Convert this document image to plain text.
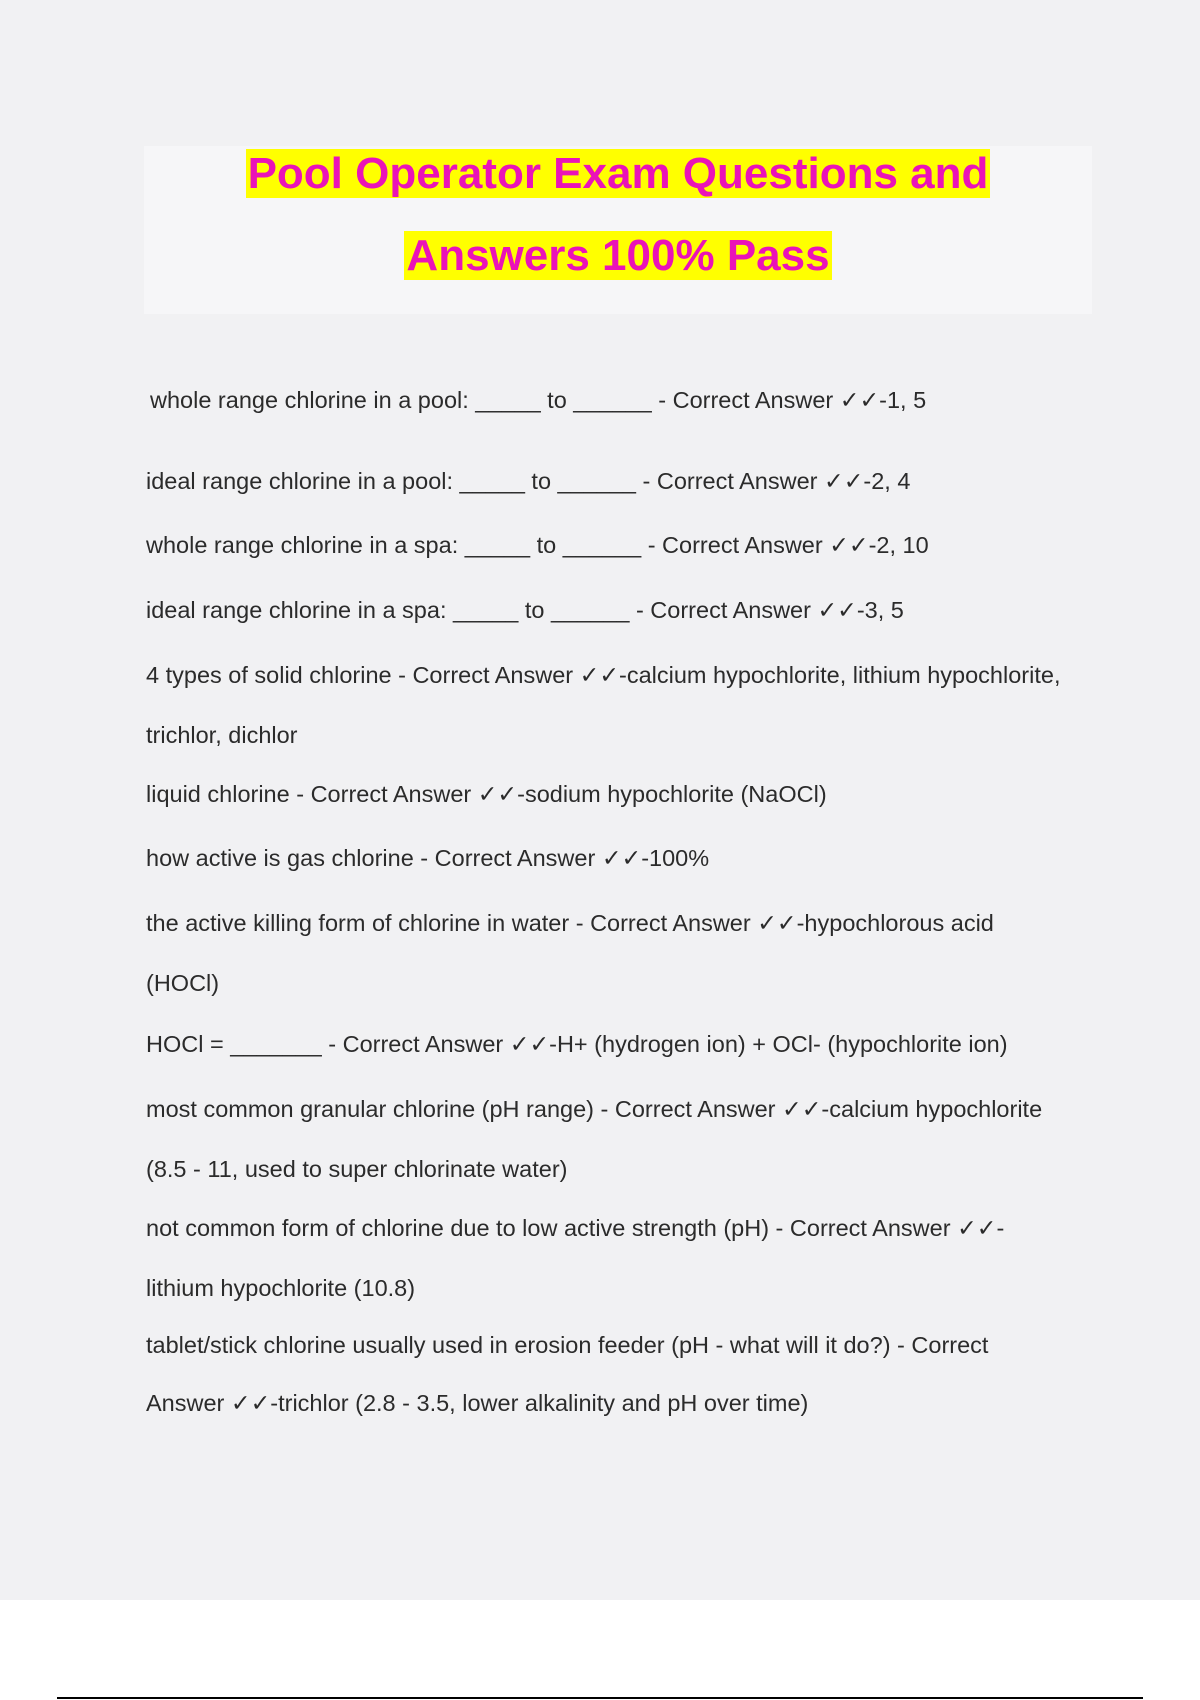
Pool Operator Exam Questions and
Answers 100% Pass
whole range chlorine in a pool: _____ to ______ - Correct Answer ✓✓-1, 5
ideal range chlorine in a pool: _____ to ______ - Correct Answer ✓✓-2, 4
whole range chlorine in a spa: _____ to ______ - Correct Answer ✓✓-2, 10
ideal range chlorine in a spa: _____ to ______ - Correct Answer ✓✓-3, 5
4 types of solid chlorine - Correct Answer ✓✓-calcium hypochlorite, lithium hypochlorite,
trichlor, dichlor
liquid chlorine - Correct Answer ✓✓-sodium hypochlorite (NaOCl)
how active is gas chlorine - Correct Answer ✓✓-100%
the active killing form of chlorine in water - Correct Answer ✓✓-hypochlorous acid
(HOCl)
HOCl = _______ - Correct Answer ✓✓-H+ (hydrogen ion) + OCl- (hypochlorite ion)
most common granular chlorine (pH range) - Correct Answer ✓✓-calcium hypochlorite
(8.5 - 11, used to super chlorinate water)
not common form of chlorine due to low active strength (pH) - Correct Answer ✓✓-
lithium hypochlorite (10.8)
tablet/stick chlorine usually used in erosion feeder (pH - what will it do?) - Correct
Answer ✓✓-trichlor (2.8 - 3.5, lower alkalinity and pH over time)
